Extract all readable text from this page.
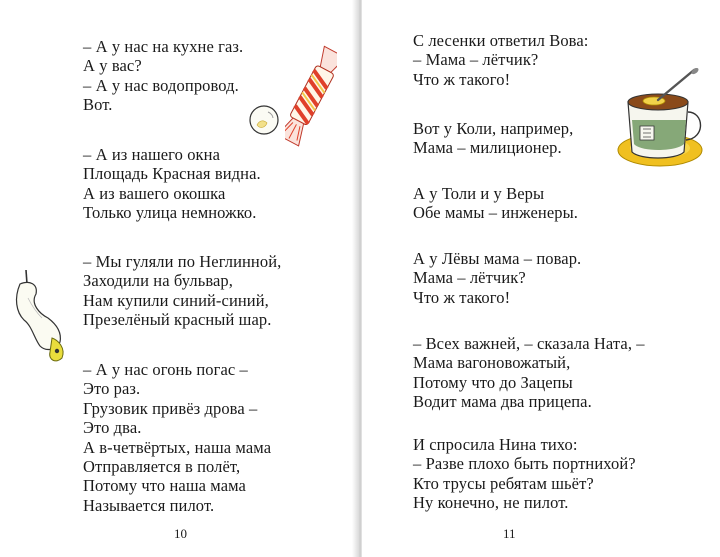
– А у нас на кухне газ.
А у вас?
– А у нас водопровод.
Вот.
– А из нашего окна
Площадь Красная видна.
А из вашего окошка
Только улица немножко.
– Мы гуляли по Неглинной,
Заходили на бульвар,
Нам купили синий-синий,
Презелёный красный шар.
– А у нас огонь погас –
Это раз.
Грузовик привёз дрова –
Это два.
А в-четвёртых, наша мама
Отправляется в полёт,
Потому что наша мама
Называется пилот.
10
С лесенки ответил Вова:
– Мама – лётчик?
Что ж такого!
Вот у Коли, например,
Мама – милиционер.
А у Толи и у Веры
Обе мамы – инженеры.
А у Лёвы мама – повар.
Мама – лётчик?
Что ж такого!
– Всех важней, – сказала Ната, –
Мама вагоновожатый,
Потому что до Зацепы
Водит мама два прицепа.
И спросила Нина тихо:
– Разве плохо быть портнихой?
Кто трусы ребятам шьёт?
Ну конечно, не пилот.
11
